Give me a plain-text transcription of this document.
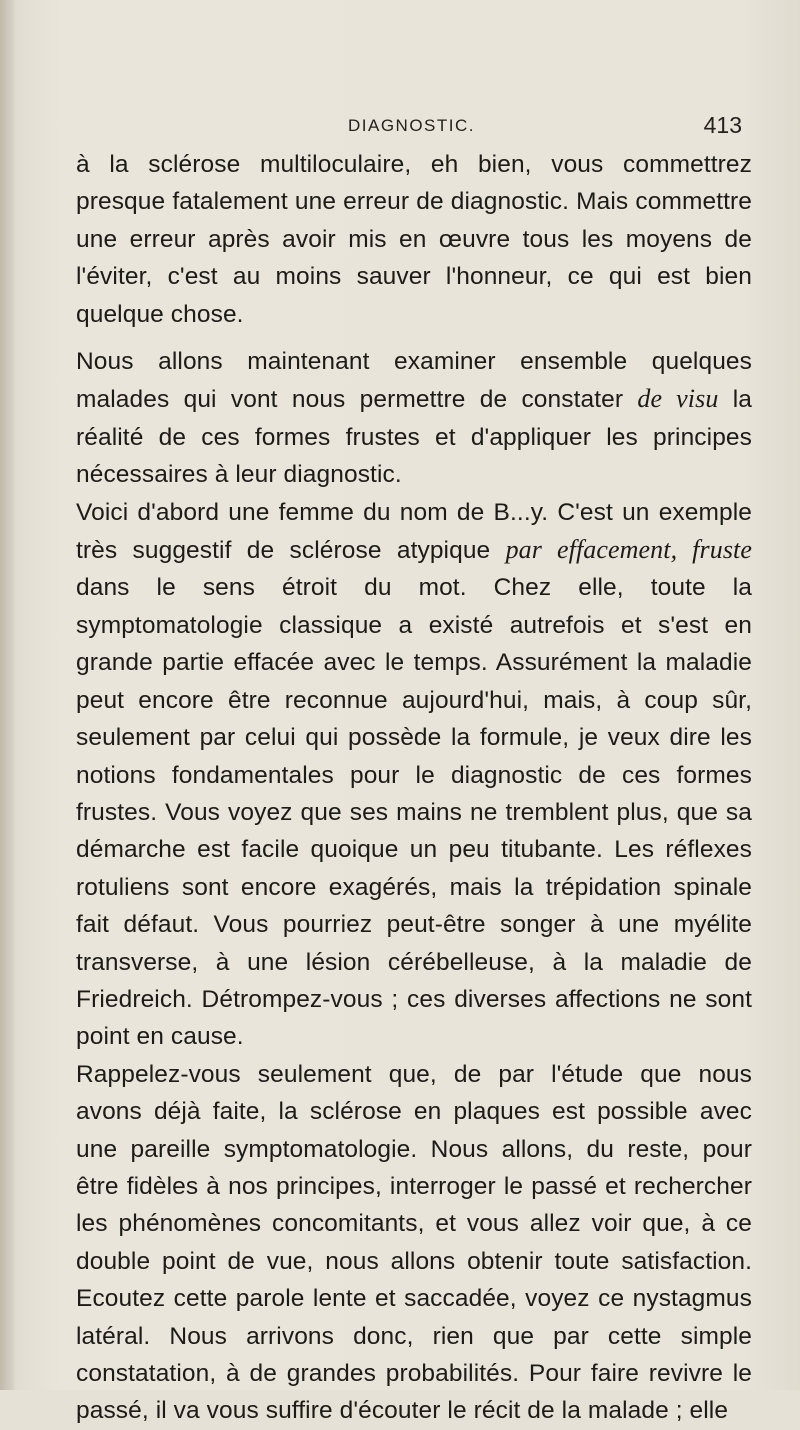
DIAGNOSTIC.	413

à la sclérose multiloculaire, eh bien, vous commettrez presque fatalement une erreur de diagnostic. Mais commettre une erreur après avoir mis en œuvre tous les moyens de l'éviter, c'est au moins sauver l'honneur, ce qui est bien quelque chose.

Nous allons maintenant examiner ensemble quelques malades qui vont nous permettre de constater de visu la réalité de ces formes frustes et d'appliquer les principes nécessaires à leur diagnostic.

Voici d'abord une femme du nom de B...y. C'est un exemple très suggestif de sclérose atypique par effacement, fruste dans le sens étroit du mot. Chez elle, toute la symptomatologie classique a existé autrefois et s'est en grande partie effacée avec le temps. Assurément la maladie peut encore être reconnue aujourd'hui, mais, à coup sûr, seulement par celui qui possède la formule, je veux dire les notions fondamentales pour le diagnostic de ces formes frustes. Vous voyez que ses mains ne tremblent plus, que sa démarche est facile quoique un peu titubante. Les réflexes rotuliens sont encore exagérés, mais la trépidation spinale fait défaut. Vous pourriez peut-être songer à une myélite transverse, à une lésion cérébelleuse, à la maladie de Friedreich. Détrompez-vous ; ces diverses affections ne sont point en cause.

Rappelez-vous seulement que, de par l'étude que nous avons déjà faite, la sclérose en plaques est possible avec une pareille symptomatologie. Nous allons, du reste, pour être fidèles à nos principes, interroger le passé et rechercher les phénomènes concomitants, et vous allez voir que, à ce double point de vue, nous allons obtenir toute satisfaction. Ecoutez cette parole lente et saccadée, voyez ce nystagmus latéral. Nous arrivons donc, rien que par cette simple constatation, à de grandes probabilités. Pour faire revivre le passé, il va vous suffire d'écouter le récit de la malade ; elle
